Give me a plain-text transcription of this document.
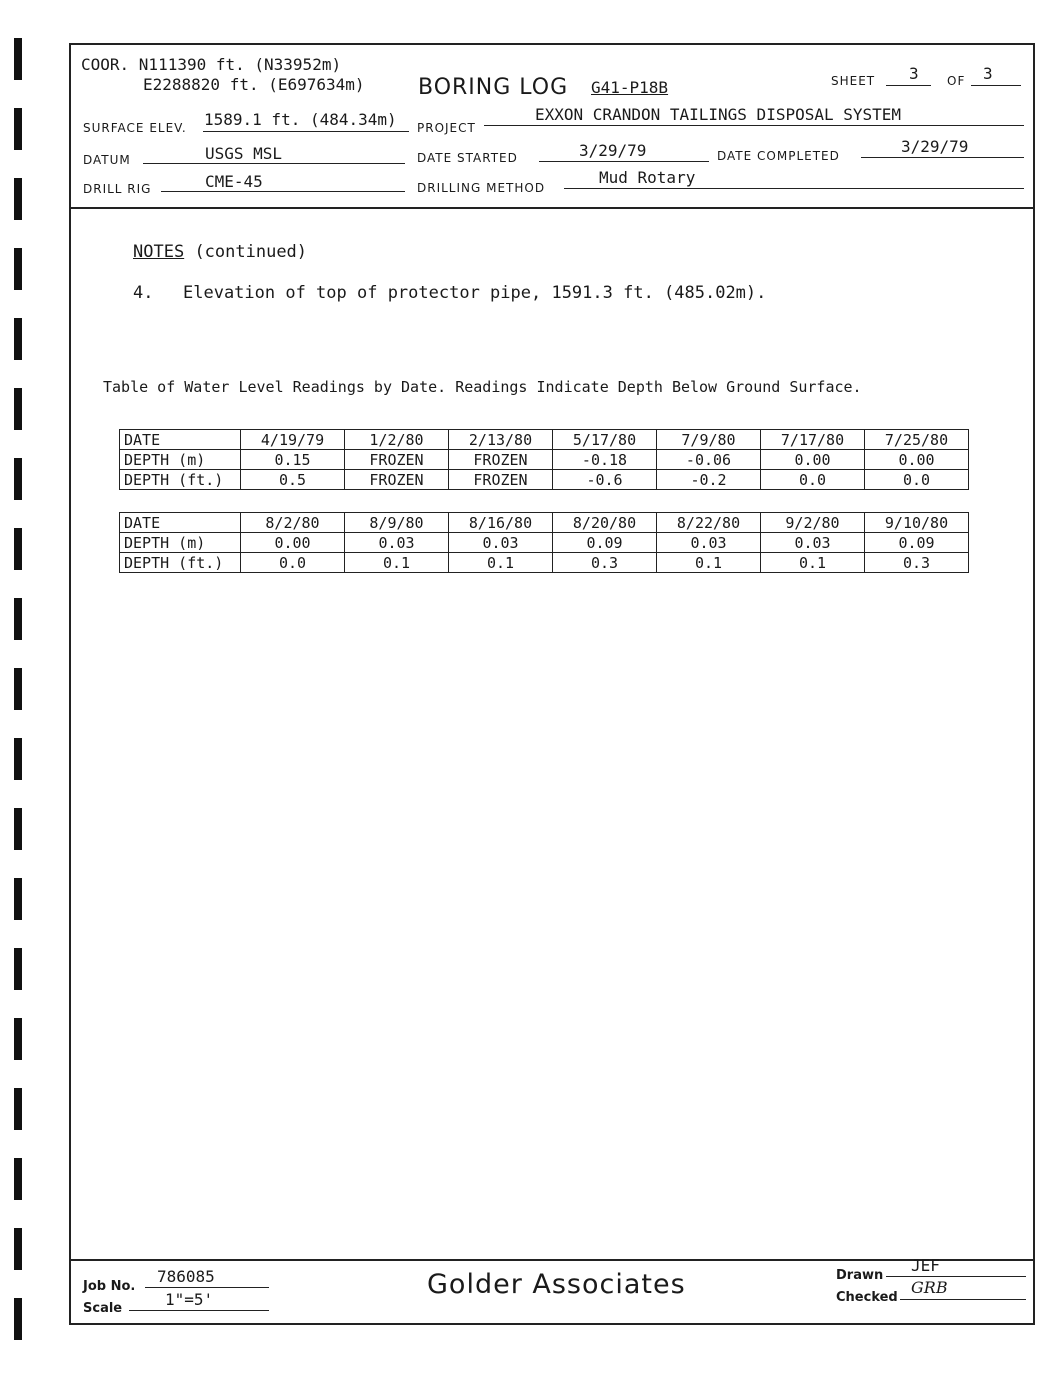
COOR. N111390 ft. (N33952m)
E2288820 ft. (E697634m) BORING LOG G41-P18B	SHEET 3 OF 3
SURFACE ELEV. 1589.1 ft. (484.34m) PROJECT
EXXON CRANDON TAILINGS DISPOSAL SYSTEM
DATUM	USGS MSL	DATE STARTED	3/29/79	DATE COMPLETED	3/29/79
DRILL RIG	CME-45	DRILLING METHOD
Mud Rotary
NOTES (continued)
4. Elevation of top of protector pipe, 1591.3 ft. (485.02m).
Table of Water Level Readings by Date. Readings Indicate Depth Below Ground Surface.
DATE	4/19/79	1/2/80	2/13/80	5/17/80	7/9/80	7/17/80	7/25/80
DEPTH (m)	0.15	FROZEN	FROZEN	-0.18	-0.06	0.00	0.00
DEPTH (ft.)	0.5	FROZEN	FROZEN	-0.6	-0.2	0.0	0.0
DATE	8/2/80	8/9/80	8/16/80	8/20/80	8/22/80	9/2/80	9/10/80
DEPTH (m)	0.00	0.03	0.03	0.09	0.03	0.03	0.09
DEPTH (ft.)	0.0	0.1	0.1	0.3	0.1	0.1	0.3
Job No.
786085
Scale	1"=5'	Golder Associates	Drawn
JEF
Checked
GRB
